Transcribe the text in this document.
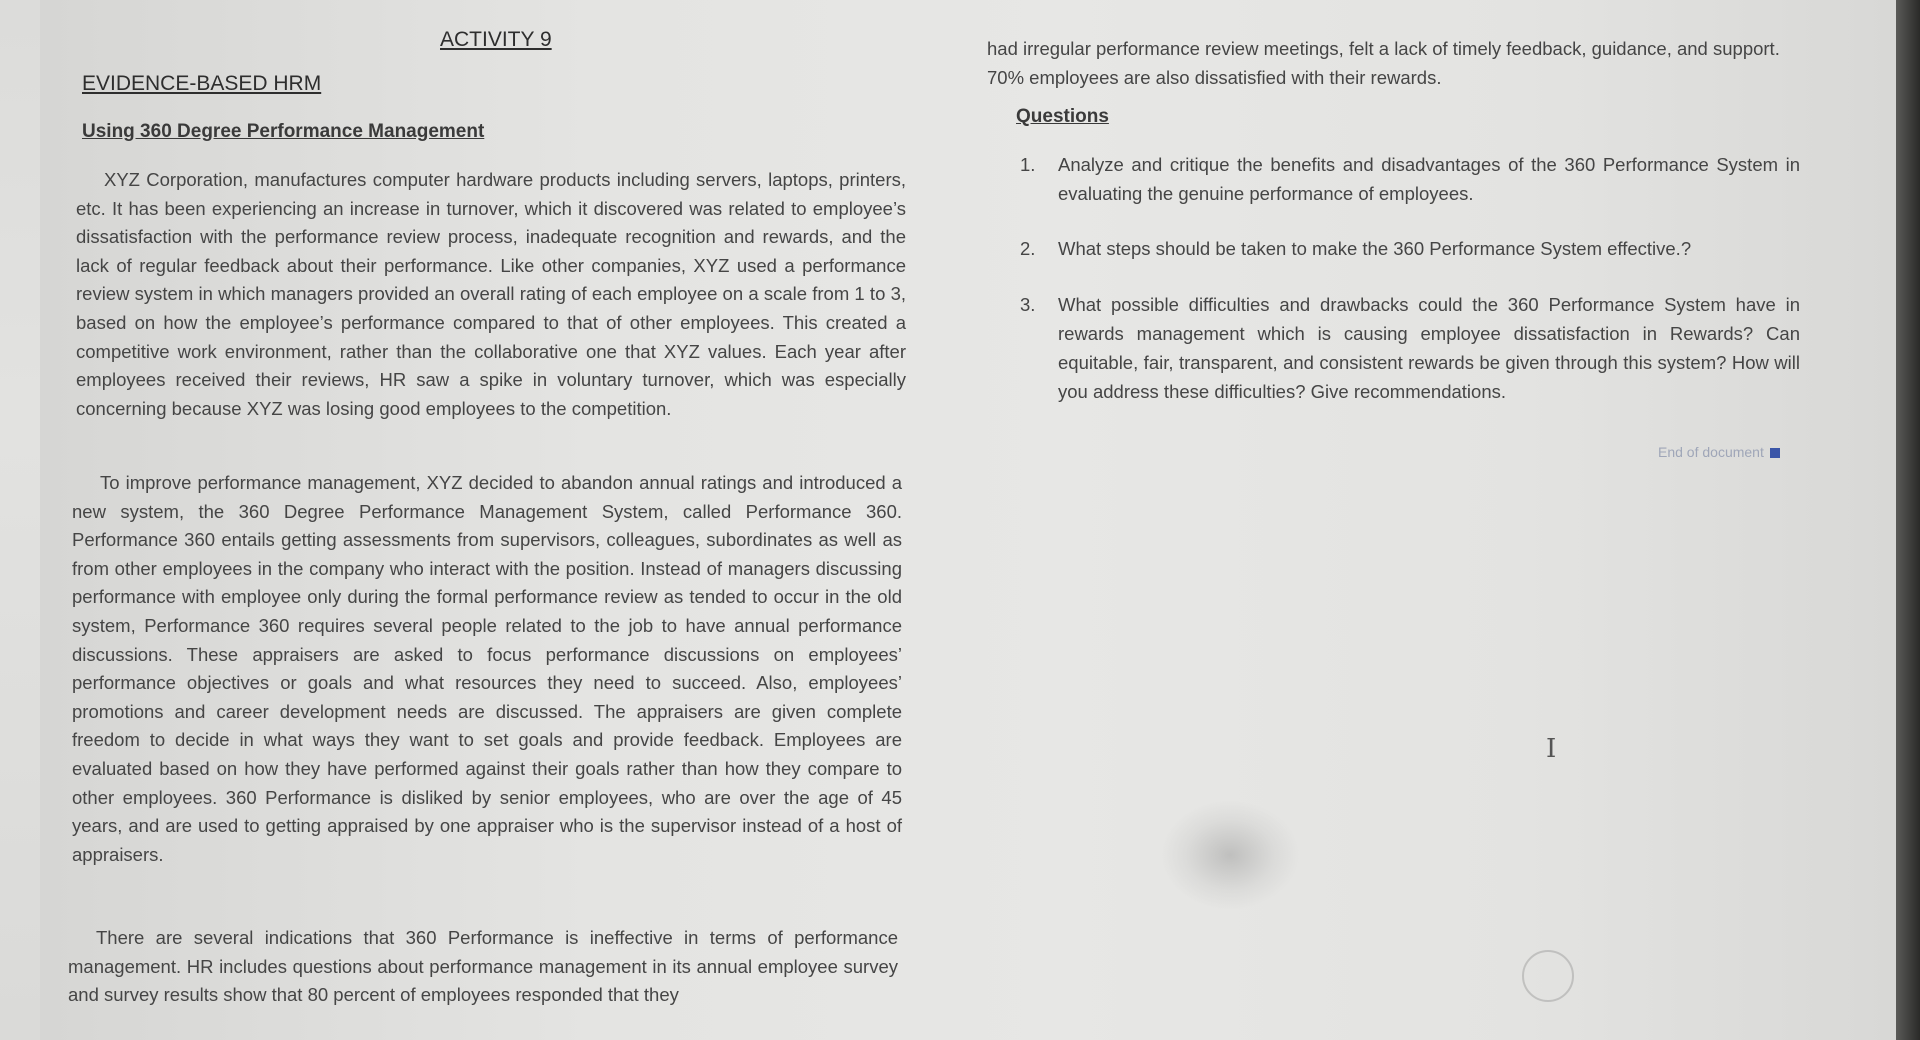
ACTIVITY 9
EVIDENCE-BASED HRM
Using 360 Degree Performance Management
XYZ Corporation, manufactures computer hardware products including servers, laptops, printers, etc. It has been experiencing an increase in turnover, which it discovered was related to employee’s dissatisfaction with the performance review process, inadequate recognition and rewards, and the lack of regular feedback about their performance. Like other companies, XYZ used a performance review system in which managers provided an overall rating of each employee on a scale from 1 to 3, based on how the employee’s performance compared to that of other employees. This created a competitive work environment, rather than the collaborative one that XYZ values. Each year after employees received their reviews, HR saw a spike in voluntary turnover, which was especially concerning because XYZ was losing good employees to the competition.
To improve performance management, XYZ decided to abandon annual ratings and introduced a new system, the 360 Degree Performance Management System, called Performance 360. Performance 360 entails getting assessments from supervisors, colleagues, subordinates as well as from other employees in the company who interact with the position. Instead of managers discussing performance with employee only during the formal performance review as tended to occur in the old system, Performance 360 requires several people related to the job to have annual performance discussions. These appraisers are asked to focus performance discussions on employees’ performance objectives or goals and what resources they need to succeed. Also, employees’ promotions and career development needs are discussed. The appraisers are given complete freedom to decide in what ways they want to set goals and provide feedback. Employees are evaluated based on how they have performed against their goals rather than how they compare to other employees. 360 Performance is disliked by senior employees, who are over the age of 45 years, and are used to getting appraised by one appraiser who is the supervisor instead of a host of appraisers.
There are several indications that 360 Performance is ineffective in terms of performance management. HR includes questions about performance management in its annual employee survey and survey results show that 80 percent of employees responded that they
had irregular performance review meetings, felt a lack of timely feedback, guidance, and support. 70% employees are also dissatisfied with their rewards.
Questions
1. Analyze and critique the benefits and disadvantages of the 360 Performance System in evaluating the genuine performance of employees.
2. What steps should be taken to make the 360 Performance System effective.?
3. What possible difficulties and drawbacks could the 360 Performance System have in rewards management which is causing employee dissatisfaction in Rewards? Can equitable, fair, transparent, and consistent rewards be given through this system? How will you address these difficulties? Give recommendations.
End of document
I
